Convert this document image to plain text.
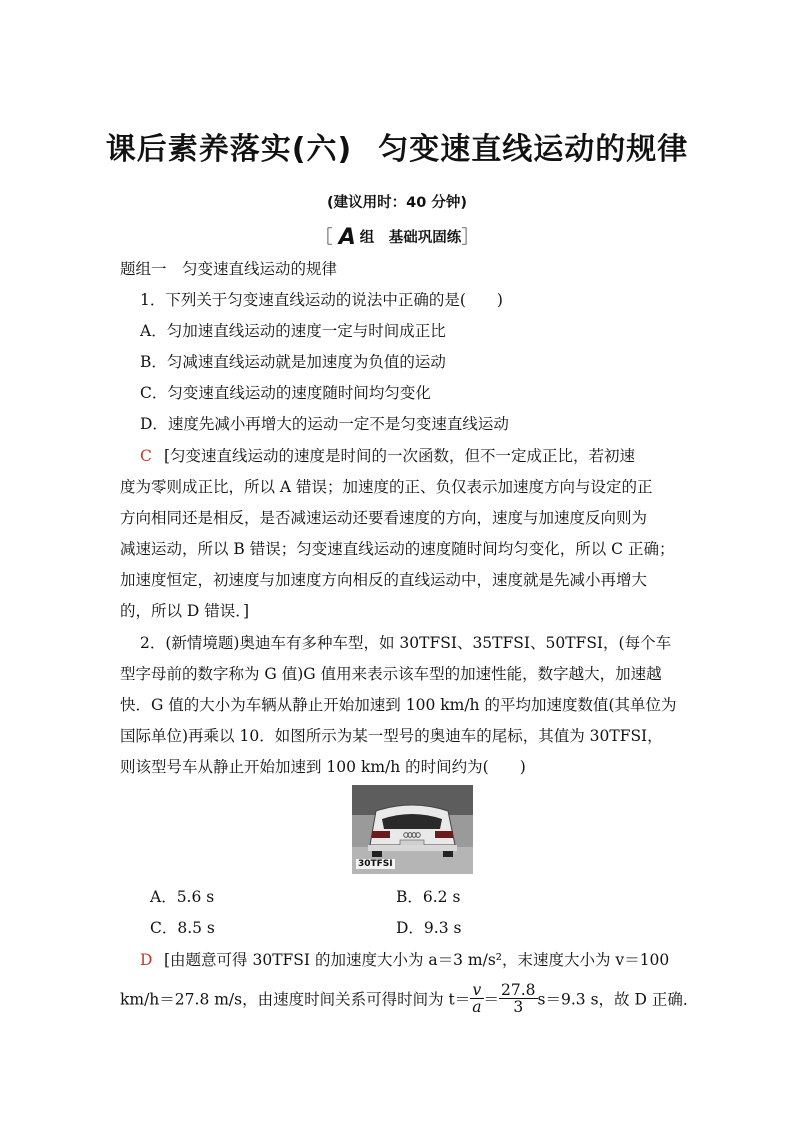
课后素养落实(六) 匀变速直线运动的规律
(建议用时：40 分钟)
［ A 组　基础巩固练］
题组一　匀变速直线运动的规律
1．下列关于匀变速直线运动的说法中正确的是(　　)
A．匀加速直线运动的速度一定与时间成正比
B．匀减速直线运动就是加速度为负值的运动
C．匀变速直线运动的速度随时间均匀变化
D．速度先减小再增大的运动一定不是匀变速直线运动
C [匀变速直线运动的速度是时间的一次函数，但不一定成正比，若初速
度为零则成正比，所以 A 错误；加速度的正、负仅表示加速度方向与设定的正
方向相同还是相反，是否减速运动还要看速度的方向，速度与加速度反向则为
减速运动，所以 B 错误；匀变速直线运动的速度随时间均匀变化，所以 C 正确；
加速度恒定，初速度与加速度方向相反的直线运动中，速度就是先减小再增大
的，所以 D 错误．]
2．(新情境题)奥迪车有多种车型，如 30TFSI、35TFSI、50TFSI，(每个车
型字母前的数字称为 G 值)G 值用来表示该车型的加速性能，数字越大，加速越
快．G 值的大小为车辆从静止开始加速到 100 km/h 的平均加速度数值(其单位为
国际单位)再乘以 10．如图所示为某一型号的奥迪车的尾标，其值为 30TFSI，
则该型号车从静止开始加速到 100 km/h 的时间约为(　　)
30TFSI
A．5.6 s	B．6.2 s
C．8.5 s	D．9.3 s
D [由题意可得 30TFSI 的加速度大小为 a＝3 m/s²，末速度大小为 v＝100
km/h＝27.8 m/s，由速度时间关系可得时间为 $t= \frac{v}{a} = \frac{27.8}{3} s=9.3$ s，故 D 正确．
